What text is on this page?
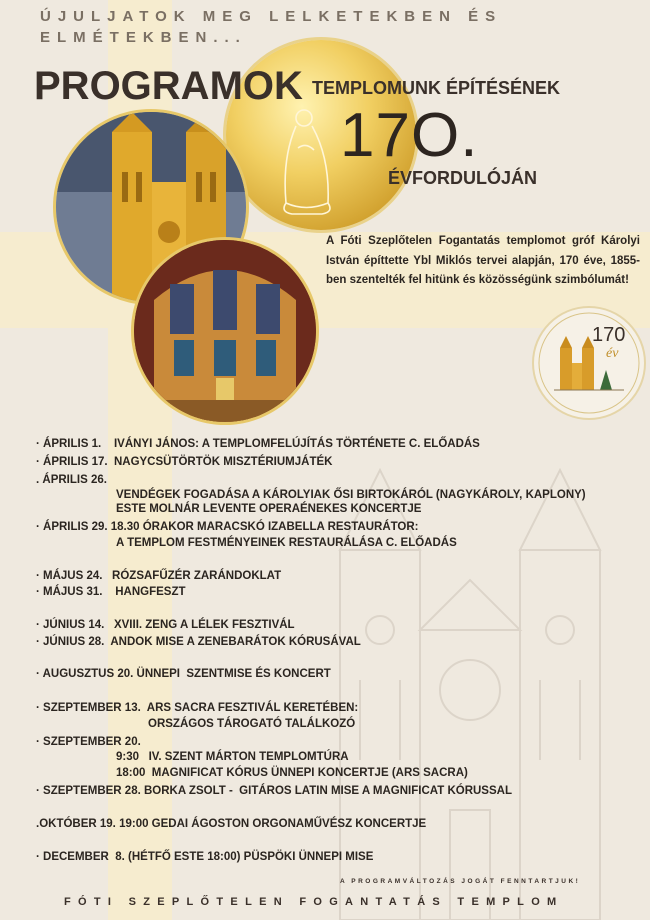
ÚJULJATOK MEG LELKETEKBEN ÉS ELMÉTEKBEN...
PROGRAMOK TEMPLOMUNK ÉPÍTÉSÉNEK
17O.
ÉVFORDULÓJÁN
A Fóti Szeplőtelen Fogantatás templomot gróf Károlyi István építtette Ybl Miklós tervei alapján, 170 éve, 1855-ben szentelték fel hitünk és közösségünk szimbólumát!
170
év
· ÁPRILIS 1.    IVÁNYI JÁNOS: A TEMPLOMFELÚJÍTÁS TÖRTÉNETE C. ELŐADÁS
· ÁPRILIS 17.  NAGYCSÜTÖRTÖK MISZTÉRIUMJÁTÉK
. ÁPRILIS 26.
VENDÉGEK FOGADÁSA A KÁROLYIAK ŐSI BIRTOKÁRÓL (NAGYKÁROLY, KAPLONY)
ESTE MOLNÁR LEVENTE OPERAÉNEKES KONCERTJE
· ÁPRILIS 29. 18.30 ÓRAKOR MARACSKÓ IZABELLA RESTAURÁTOR:
A TEMPLOM FESTMÉNYEINEK RESTAURÁLÁSA C. ELŐADÁS
· MÁJUS 24.   RÓZSAFŰZÉR ZARÁNDOKLAT
· MÁJUS 31.    HANGFESZT
· JÚNIUS 14.   XVIII. ZENG A LÉLEK FESZTIVÁL
· JÚNIUS 28.  ANDOK MISE A ZENEBARÁTOK KÓRUSÁVAL
· AUGUSZTUS 20. ÜNNEPI  SZENTMISE ÉS KONCERT
· SZEPTEMBER 13.  ARS SACRA FESZTIVÁL KERETÉBEN:
ORSZÁGOS TÁROGATÓ TALÁLKOZÓ
· SZEPTEMBER 20.
9:30   IV. SZENT MÁRTON TEMPLOMTÚRA
18:00  MAGNIFICAT KÓRUS ÜNNEPI KONCERTJE (ARS SACRA)
· SZEPTEMBER 28. BORKA ZSOLT -  GITÁROS LATIN MISE A MAGNIFICAT KÓRUSSAL
.OKTÓBER 19. 19:00 GEDAI ÁGOSTON ORGONAMŰVÉSZ KONCERTJE
· DECEMBER  8. (HÉTFŐ ESTE 18:00) PÜSPÖKI ÜNNEPI MISE
A PROGRAMVÁLTOZÁS JOGÁT FENNTARTJUK!
FÓTI SZEPLŐTELEN FOGANTATÁS TEMPLOM
